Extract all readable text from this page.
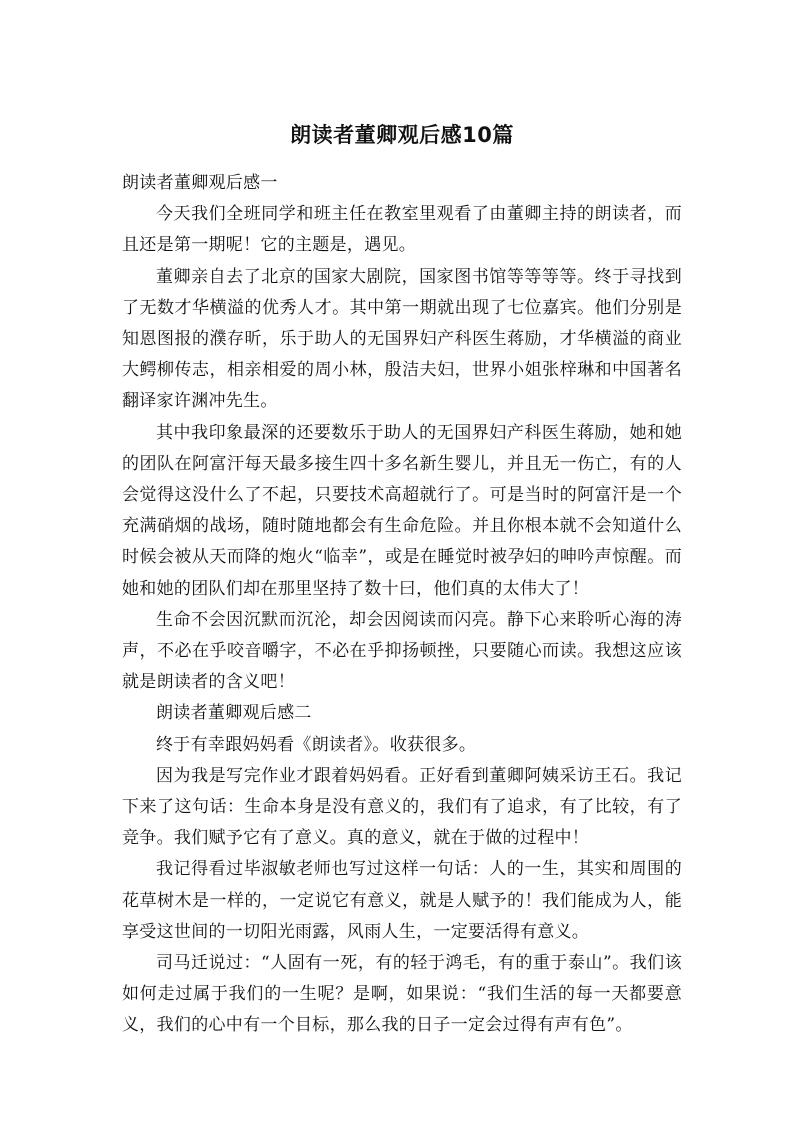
朗读者董卿观后感10篇

朗读者董卿观后感一

今天我们全班同学和班主任在教室里观看了由董卿主持的朗读者，而且还是第一期呢！它的主题是，遇见。

董卿亲自去了北京的国家大剧院，国家图书馆等等等等。终于寻找到了无数才华横溢的优秀人才。其中第一期就出现了七位嘉宾。他们分别是知恩图报的濮存昕，乐于助人的无国界妇产科医生蒋励，才华横溢的商业大鳄柳传志，相亲相爱的周小林，殷洁夫妇，世界小姐张梓琳和中国著名翻译家许渊冲先生。

其中我印象最深的还要数乐于助人的无国界妇产科医生蒋励，她和她的团队在阿富汗每天最多接生四十多名新生婴儿，并且无一伤亡，有的人会觉得这没什么了不起，只要技术高超就行了。可是当时的阿富汗是一个充满硝烟的战场，随时随地都会有生命危险。并且你根本就不会知道什么时候会被从天而降的炮火“临幸”，或是在睡觉时被孕妇的呻吟声惊醒。而她和她的团队们却在那里坚持了数十曰，他们真的太伟大了！

生命不会因沉默而沉沦，却会因阅读而闪亮。静下心来聆听心海的涛声，不必在乎咬音嚼字，不必在乎抑扬顿挫，只要随心而读。我想这应该就是朗读者的含义吧！

朗读者董卿观后感二

终于有幸跟妈妈看《朗读者》。收获很多。

因为我是写完作业才跟着妈妈看。正好看到董卿阿姨采访王石。我记下来了这句话：生命本身是没有意义的，我们有了追求，有了比较，有了竞争。我们赋予它有了意义。真的意义，就在于做的过程中！

我记得看过毕淑敏老师也写过这样一句话：人的一生，其实和周围的花草树木是一样的，一定说它有意义，就是人赋予的！我们能成为人，能享受这世间的一切阳光雨露，风雨人生，一定要活得有意义。

司马迁说过：“人固有一死，有的轻于鸿毛，有的重于泰山”。我们该如何走过属于我们的一生呢？是啊，如果说：“我们生活的每一天都要意义，我们的心中有一个目标，那么我的日子一定会过得有声有色”。
